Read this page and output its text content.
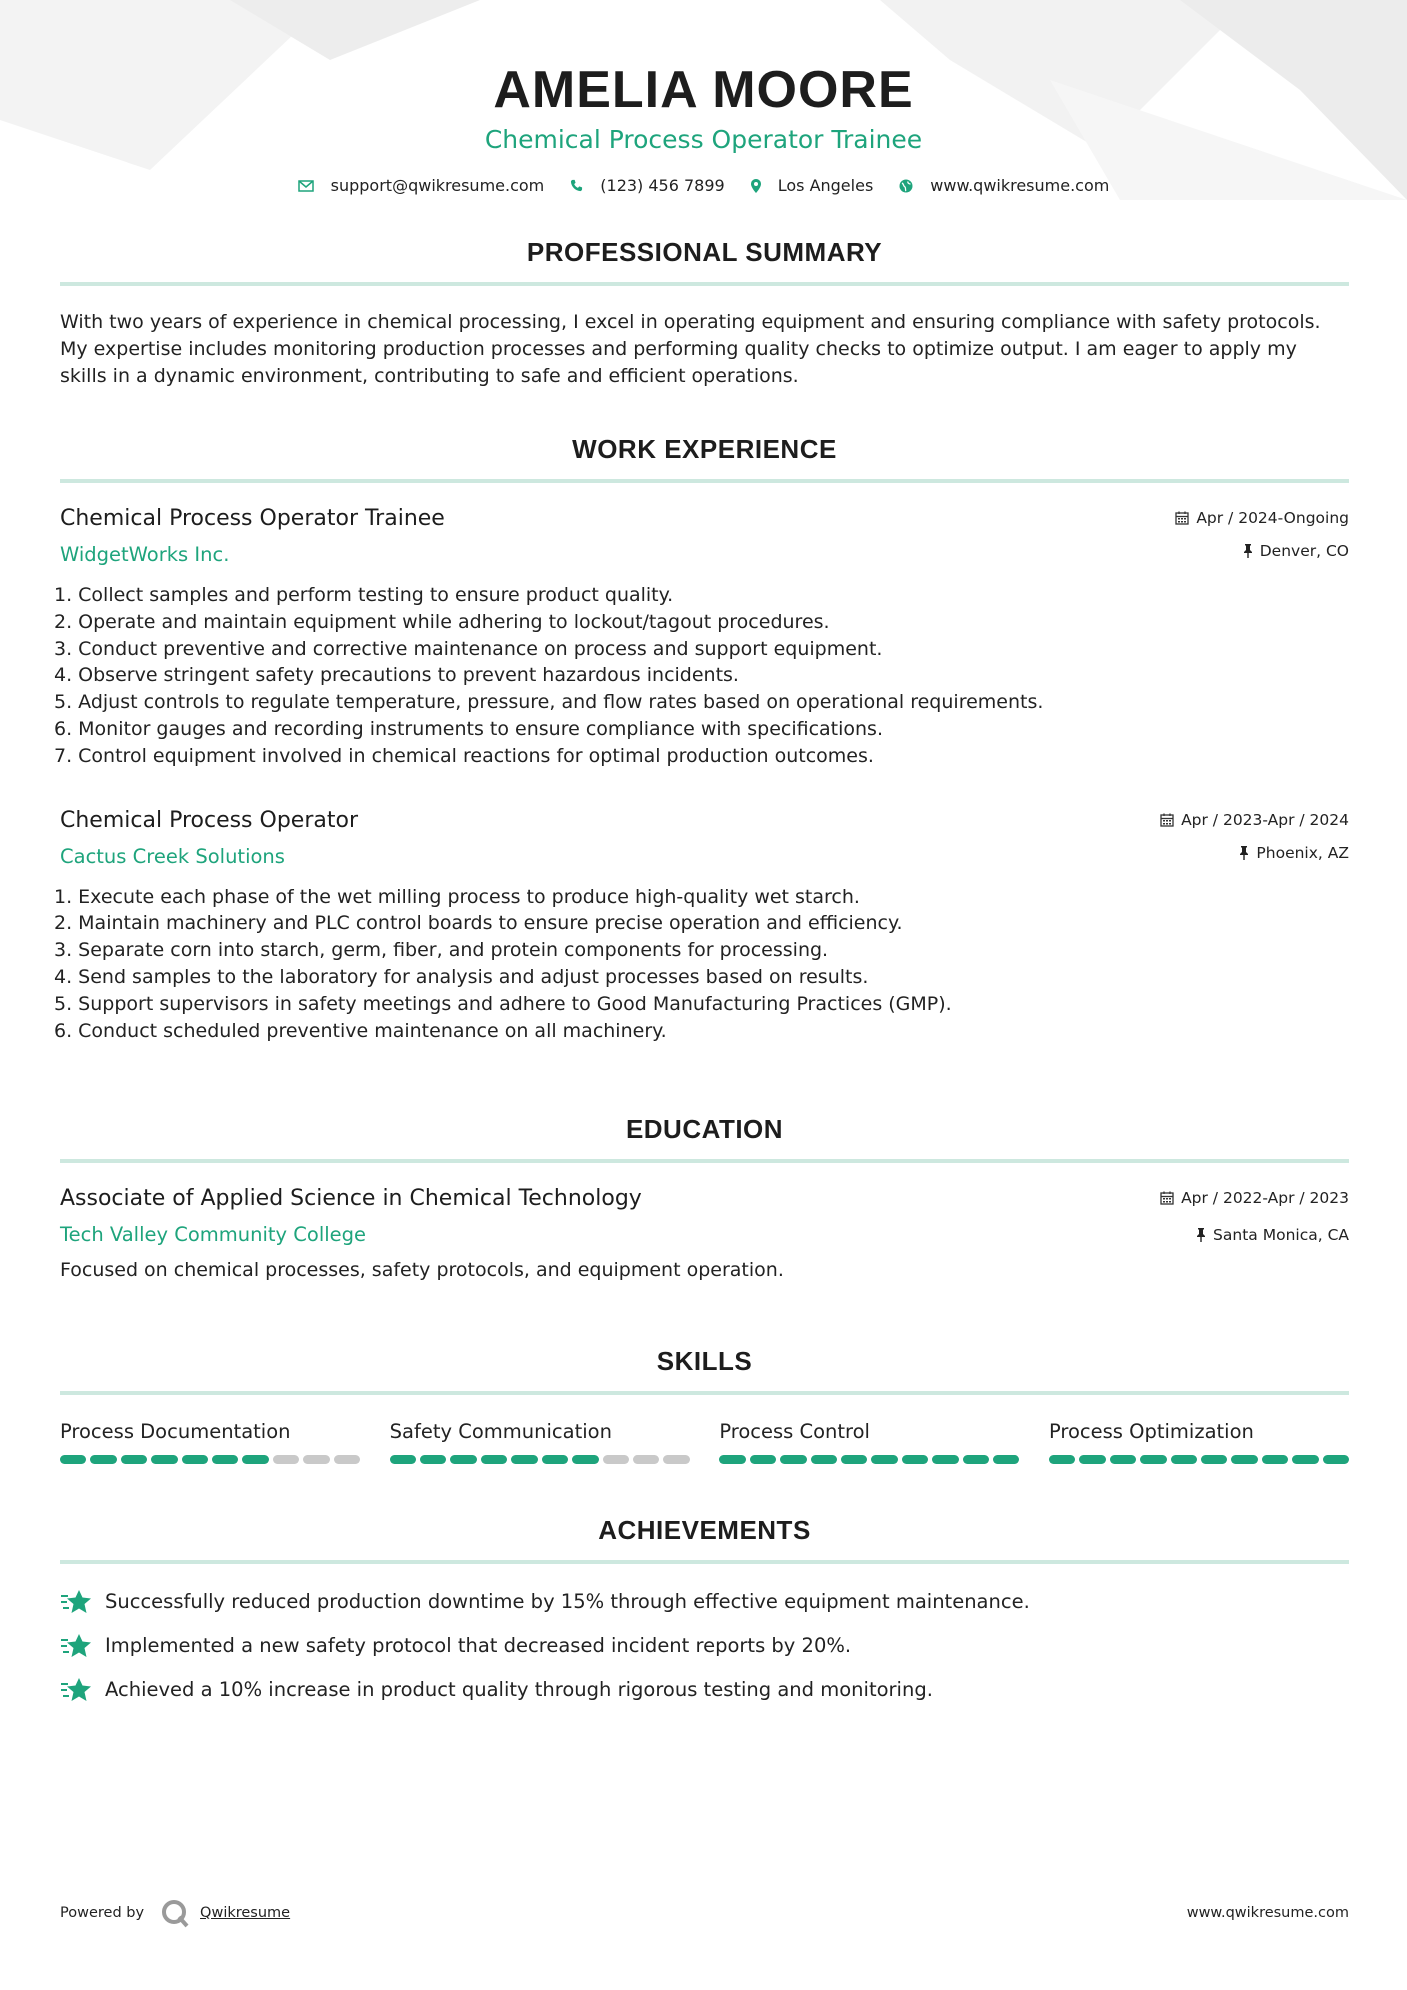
AMELIA MOORE
Chemical Process Operator Trainee
support@qwikresume.com	(123) 456 7899	Los Angeles	www.qwikresume.com
PROFESSIONAL SUMMARY
With two years of experience in chemical processing, I excel in operating equipment and ensuring compliance with safety protocols. My expertise includes monitoring production processes and performing quality checks to optimize output. I am eager to apply my skills in a dynamic environment, contributing to safe and efficient operations.
WORK EXPERIENCE
Apr / 2024-Ongoing
Denver, CO
Chemical Process Operator Trainee
WidgetWorks Inc.
1. Collect samples and perform testing to ensure product quality.
2. Operate and maintain equipment while adhering to lockout/tagout procedures.
3. Conduct preventive and corrective maintenance on process and support equipment.
4. Observe stringent safety precautions to prevent hazardous incidents.
5. Adjust controls to regulate temperature, pressure, and flow rates based on operational requirements.
6. Monitor gauges and recording instruments to ensure compliance with specifications.
7. Control equipment involved in chemical reactions for optimal production outcomes.
Apr / 2023-Apr / 2024
Phoenix, AZ
Chemical Process Operator
Cactus Creek Solutions
1. Execute each phase of the wet milling process to produce high-quality wet starch.
2. Maintain machinery and PLC control boards to ensure precise operation and efficiency.
3. Separate corn into starch, germ, fiber, and protein components for processing.
4. Send samples to the laboratory for analysis and adjust processes based on results.
5. Support supervisors in safety meetings and adhere to Good Manufacturing Practices (GMP).
6. Conduct scheduled preventive maintenance on all machinery.
EDUCATION
Apr / 2022-Apr / 2023
Santa Monica, CA
Associate of Applied Science in Chemical Technology
Tech Valley Community College
Focused on chemical processes, safety protocols, and equipment operation.
SKILLS
Process Documentation	Safety Communication	Process Control	Process Optimization
ACHIEVEMENTS
Successfully reduced production downtime by 15% through effective equipment maintenance.
Implemented a new safety protocol that decreased incident reports by 20%.
Achieved a 10% increase in product quality through rigorous testing and monitoring.
Powered by	Qwikresume	www.qwikresume.com
